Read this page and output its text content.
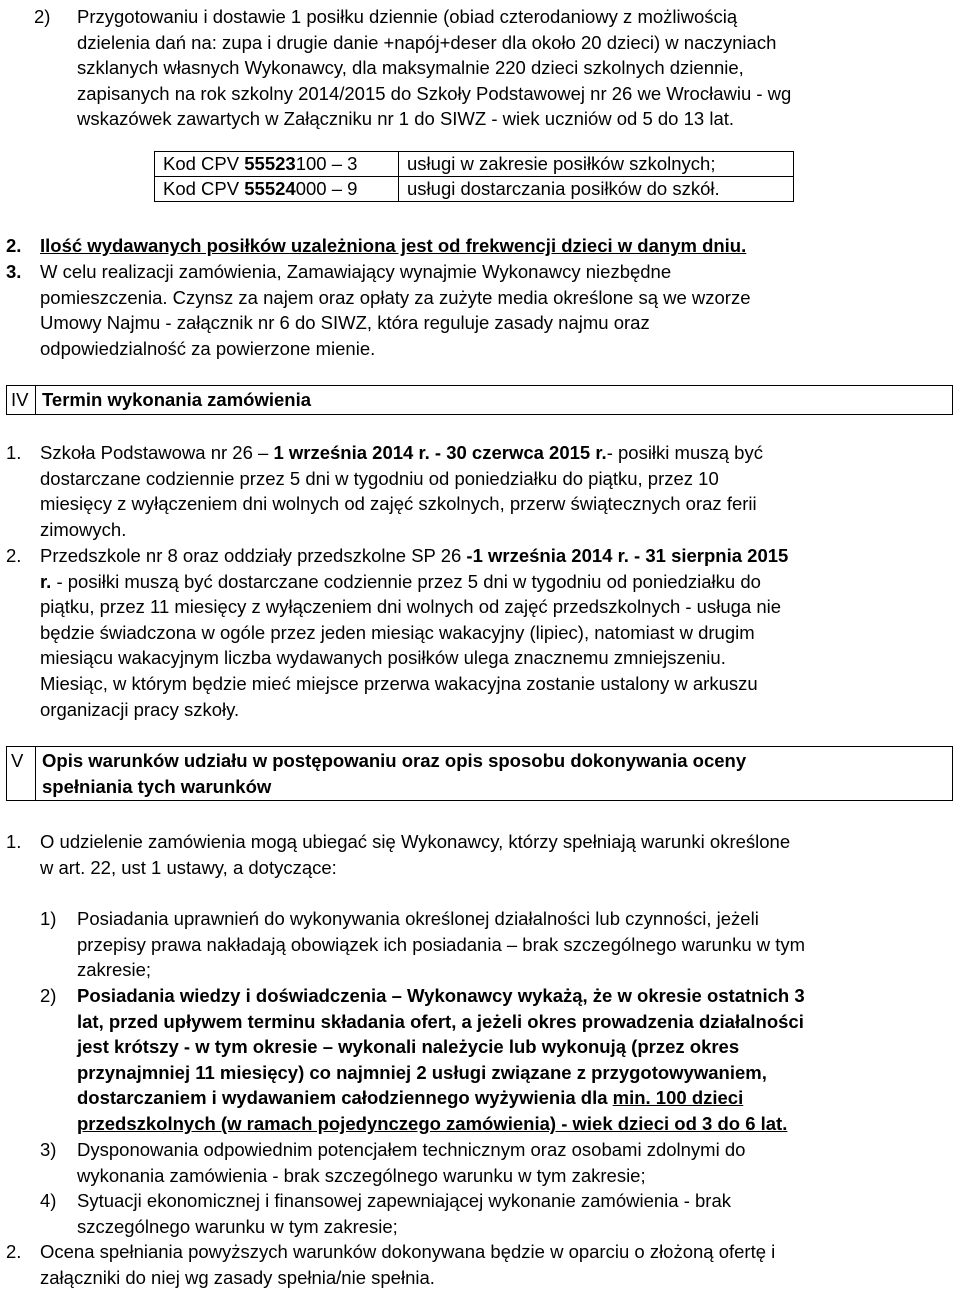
2) Przygotowaniu i dostawie 1 posiłku dziennie (obiad czterodaniowy z możliwością
dzielenia dań na: zupa i drugie danie +napój+deser dla około 20 dzieci) w naczyniach
szklanych własnych Wykonawcy, dla maksymalnie 220 dzieci szkolnych dziennie,
zapisanych na rok szkolny 2014/2015 do Szkoły Podstawowej nr 26 we Wrocławiu - wg
wskazówek zawartych w Załączniku nr 1 do SIWZ - wiek uczniów od 5 do 13 lat.
Kod CPV 55523100 – 3	usługi w zakresie posiłków szkolnych;
Kod CPV 55524000 – 9	usługi dostarczania posiłków do szkół.
2. Ilość wydawanych posiłków uzależniona jest od frekwencji dzieci w danym dniu.
3. W celu realizacji zamówienia, Zamawiający wynajmie Wykonawcy niezbędne
pomieszczenia. Czynsz za najem oraz opłaty za zużyte media określone są we wzorze
Umowy Najmu - załącznik nr 6 do SIWZ, która reguluje zasady najmu oraz
odpowiedzialność za powierzone mienie.
IV	Termin wykonania zamówienia
1. Szkoła Podstawowa nr 26 – 1 września 2014 r. - 30 czerwca 2015 r.- posiłki muszą być
dostarczane codziennie przez 5 dni w tygodniu od poniedziałku do piątku, przez 10
miesięcy z wyłączeniem dni wolnych od zajęć szkolnych, przerw świątecznych oraz ferii
zimowych.
2. Przedszkole nr 8 oraz oddziały przedszkolne SP 26 -1 września 2014 r. - 31 sierpnia 2015
r. - posiłki muszą być dostarczane codziennie przez 5 dni w tygodniu od poniedziałku do
piątku, przez 11 miesięcy z wyłączeniem dni wolnych od zajęć przedszkolnych - usługa nie
będzie świadczona w ogóle przez jeden miesiąc wakacyjny (lipiec), natomiast w drugim
miesiącu wakacyjnym liczba wydawanych posiłków ulega znacznemu zmniejszeniu.
Miesiąc, w którym będzie mieć miejsce przerwa wakacyjna zostanie ustalony w arkuszu
organizacji pracy szkoły.
V	Opis warunków udziału w postępowaniu oraz opis sposobu dokonywania oceny
spełniania tych warunków
1. O udzielenie zamówienia mogą ubiegać się Wykonawcy, którzy spełniają warunki określone
w art. 22, ust 1 ustawy, a dotyczące:
1) Posiadania uprawnień do wykonywania określonej działalności lub czynności, jeżeli
przepisy prawa nakładają obowiązek ich posiadania – brak szczególnego warunku w tym
zakresie;
2) Posiadania wiedzy i doświadczenia – Wykonawcy wykażą, że w okresie ostatnich 3
lat, przed upływem terminu składania ofert, a jeżeli okres prowadzenia działalności
jest krótszy - w tym okresie – wykonali należycie lub wykonują (przez okres
przynajmniej 11 miesięcy) co najmniej 2 usługi związane z przygotowywaniem,
dostarczaniem i wydawaniem całodziennego wyżywienia dla min. 100 dzieci
przedszkolnych (w ramach pojedynczego zamówienia) - wiek dzieci od 3 do 6 lat.
3) Dysponowania odpowiednim potencjałem technicznym oraz osobami zdolnymi do
wykonania zamówienia - brak szczególnego warunku w tym zakresie;
4) Sytuacji ekonomicznej i finansowej zapewniającej wykonanie zamówienia - brak
szczególnego warunku w tym zakresie;
2. Ocena spełniania powyższych warunków dokonywana będzie w oparciu o złożoną ofertę i
załączniki do niej wg zasady spełnia/nie spełnia.
